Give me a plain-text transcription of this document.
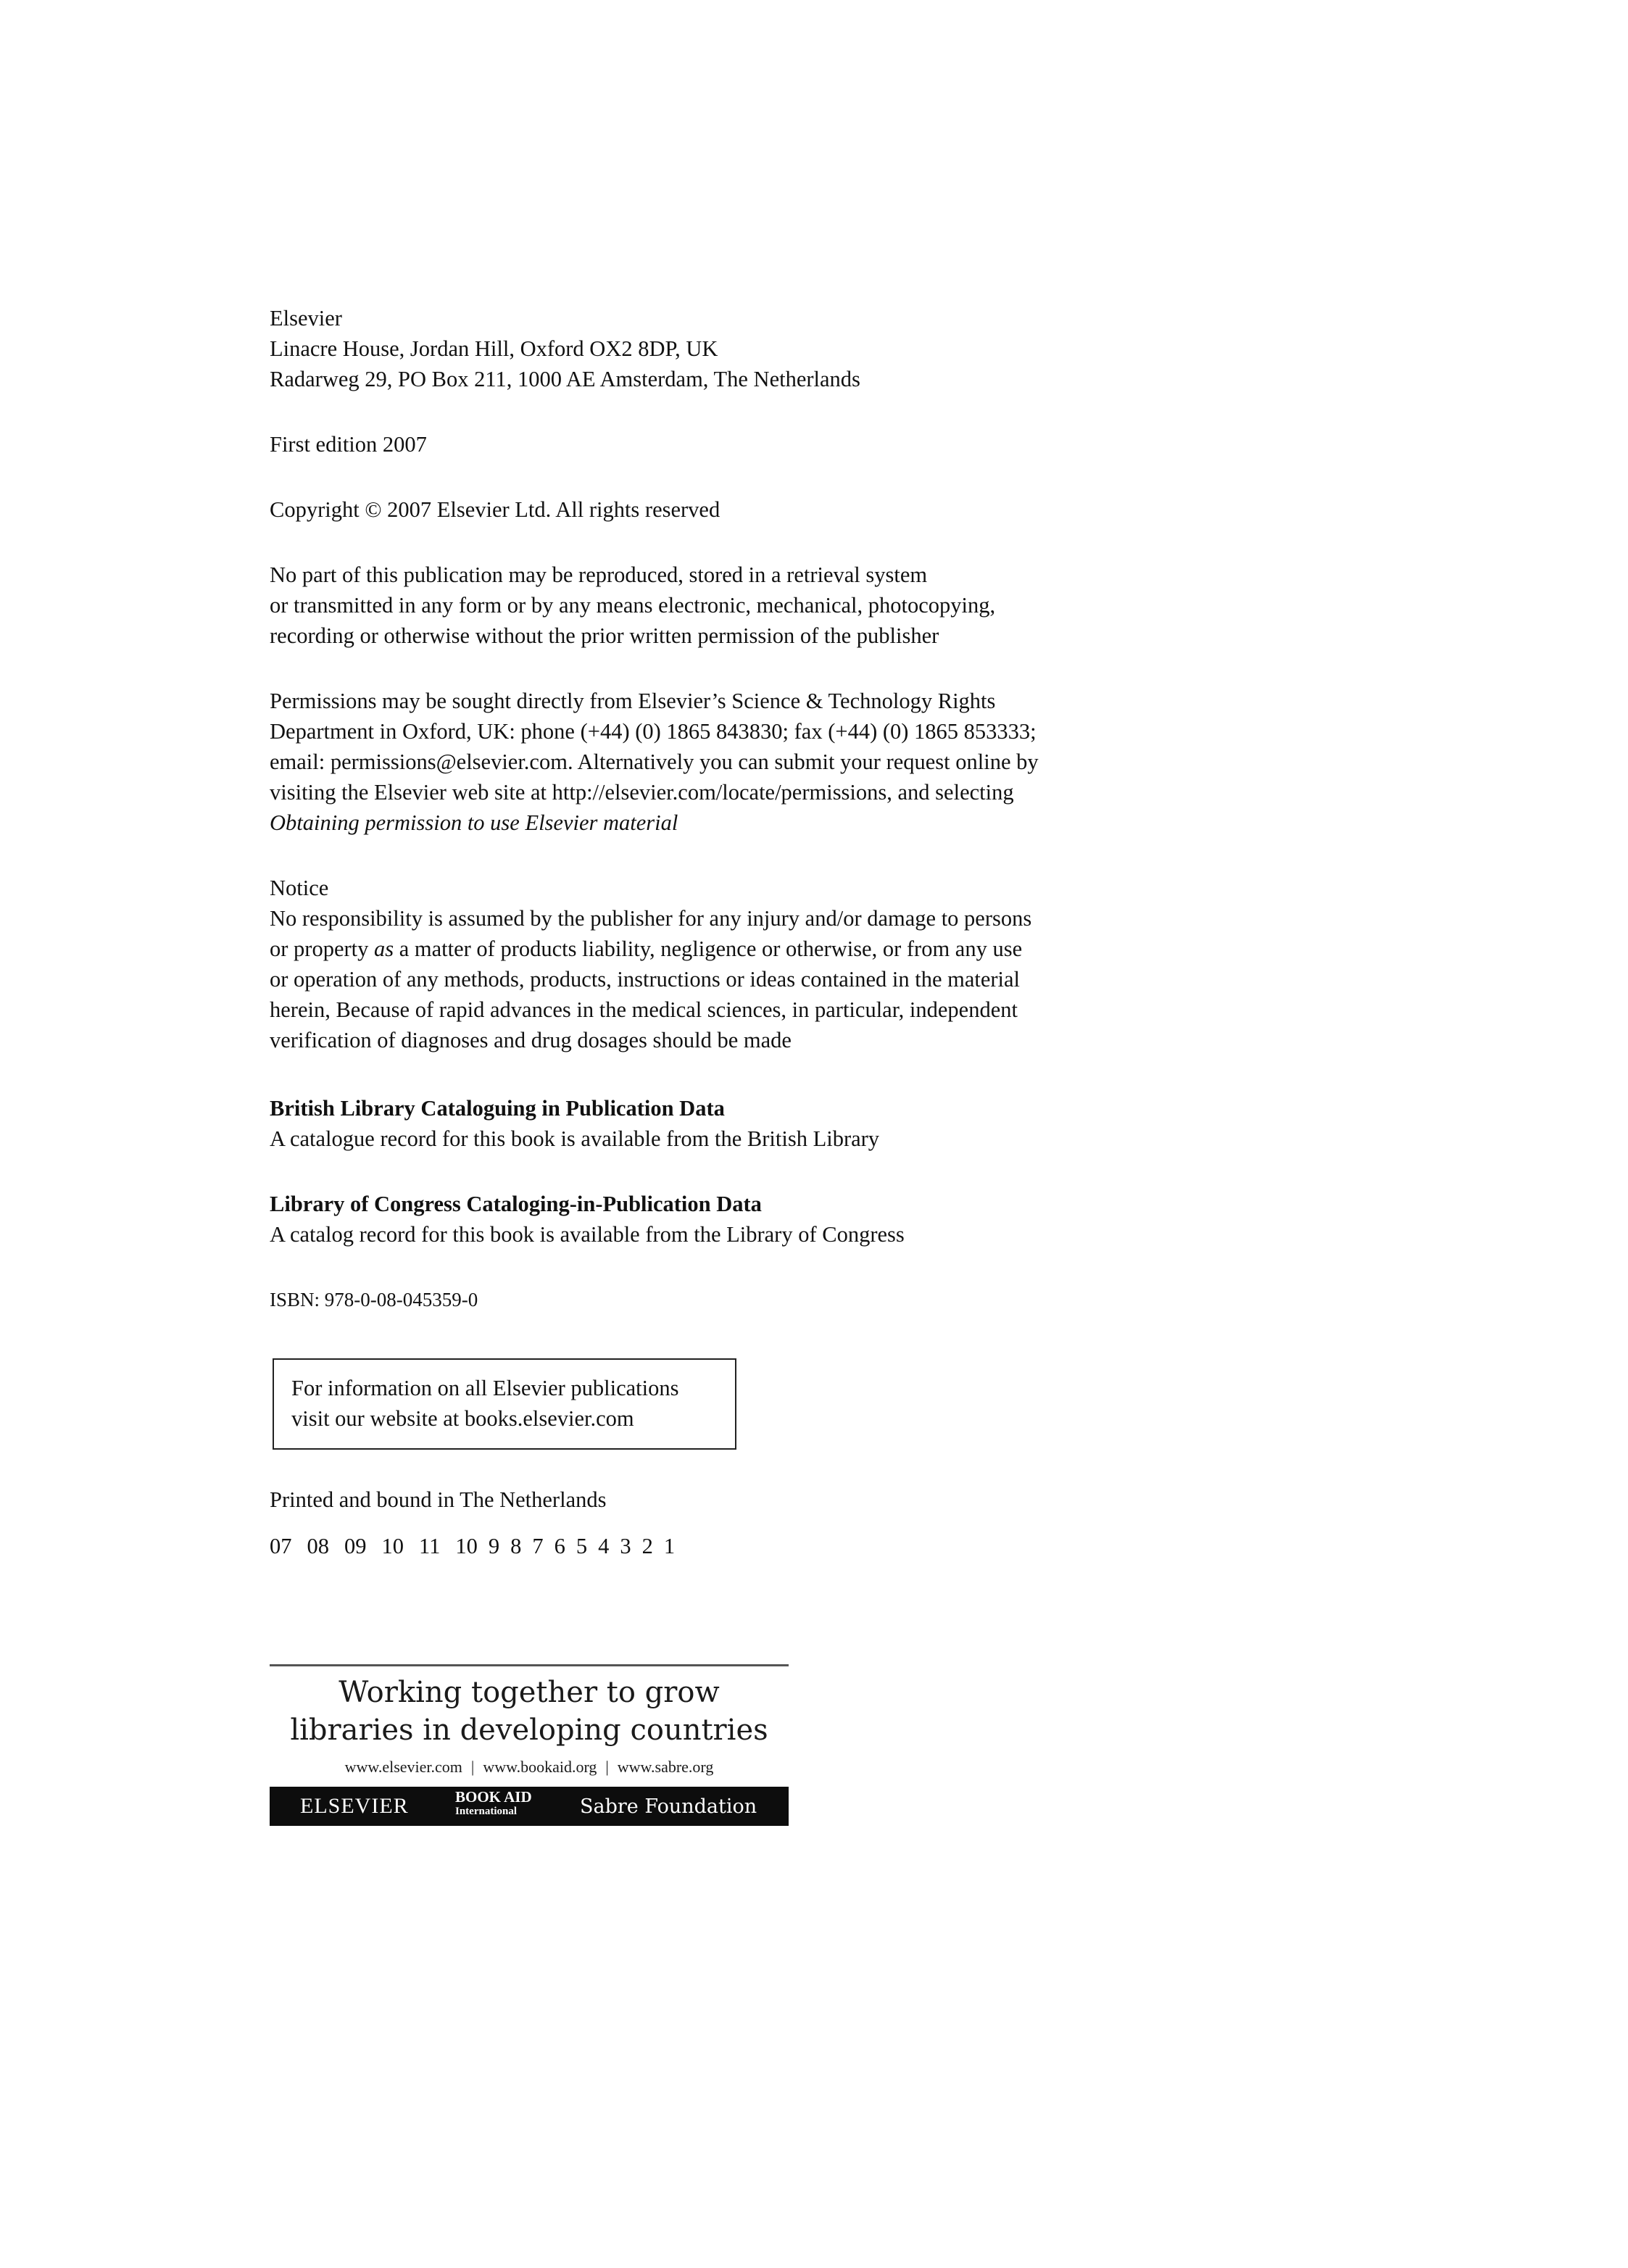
Elsevier
Linacre House, Jordan Hill, Oxford OX2 8DP, UK
Radarweg 29, PO Box 211, 1000 AE Amsterdam, The Netherlands
First edition 2007
Copyright © 2007 Elsevier Ltd. All rights reserved
No part of this publication may be reproduced, stored in a retrieval system
or transmitted in any form or by any means electronic, mechanical, photocopying,
recording or otherwise without the prior written permission of the publisher
Permissions may be sought directly from Elsevier’s Science & Technology Rights
Department in Oxford, UK: phone (+44) (0) 1865 843830; fax (+44) (0) 1865 853333;
email: permissions@elsevier.com. Alternatively you can submit your request online by
visiting the Elsevier web site at http://elsevier.com/locate/permissions, and selecting
Obtaining permission to use Elsevier material
Notice
No responsibility is assumed by the publisher for any injury and/or damage to persons
or property as a matter of products liability, negligence or otherwise, or from any use
or operation of any methods, products, instructions or ideas contained in the material
herein, Because of rapid advances in the medical sciences, in particular, independent
verification of diagnoses and drug dosages should be made
British Library Cataloguing in Publication Data
A catalogue record for this book is available from the British Library
Library of Congress Cataloging-in-Publication Data
A catalog record for this book is available from the Library of Congress
ISBN: 978-0-08-045359-0
For information on all Elsevier publications
visit our website at books.elsevier.com
Printed and bound in The Netherlands
07 08 09 10 11 10 9 8 7 6 5 4 3 2 1
Working together to grow
libraries in developing countries
www.elsevier.com | www.bookaid.org | www.sabre.org
ELSEVIER	BOOK AID
International	Sabre Foundation
